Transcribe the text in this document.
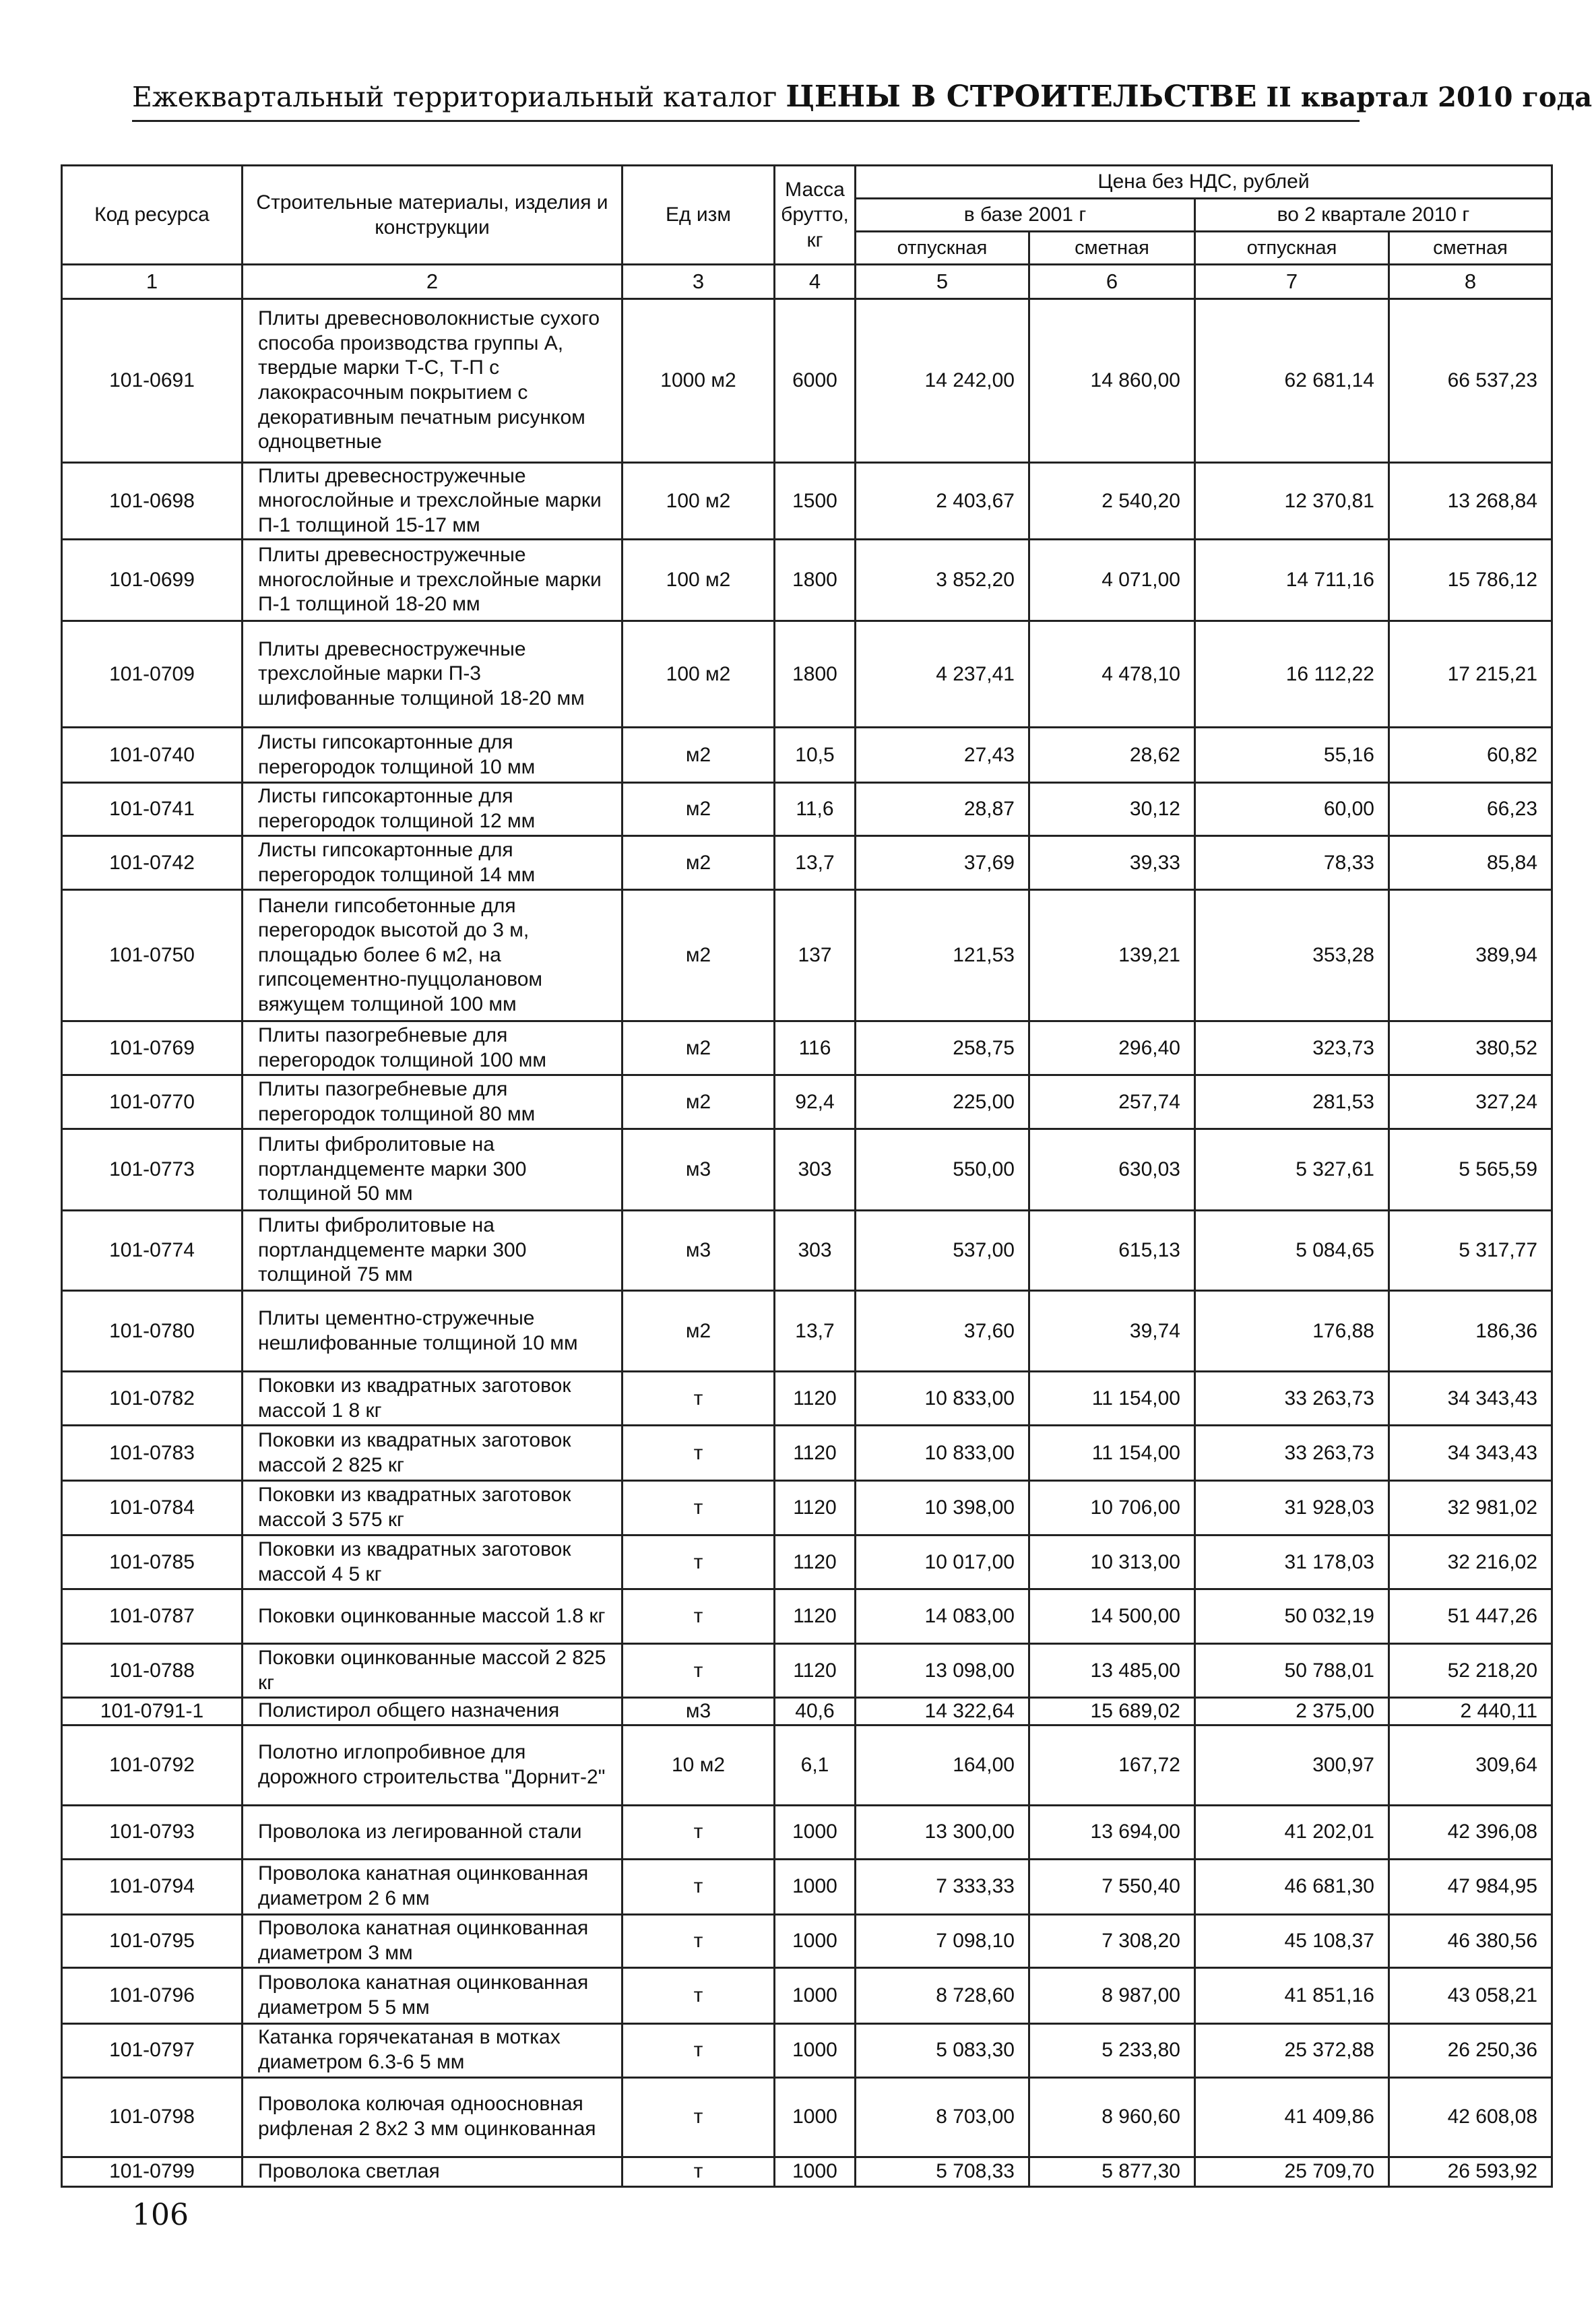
Ежеквартальный территориальный каталог ЦЕНЫ В СТРОИТЕЛЬСТВЕ II квартал 2010 года
Код ресурса	Строительные материалы, изделия и конструкции	Ед изм	Масса брутто, кг	Цена без НДС, рублей			
				в базе 2001 г		во 2 квартале 2010 г	
				отпускная	сметная	отпускная	сметная
1	2	3	4	5	6	7	8
101-0691	Плиты древесноволокнистые сухого способа производства группы А, твердые марки Т-С, Т-П с лакокрасочным покрытием с декоративным печатным рисунком одноцветные	1000 м2	6000	14 242,00	14 860,00	62 681,14	66 537,23
101-0698	Плиты древесностружечные многослойные и трехслойные марки П-1 толщиной 15-17 мм	100 м2	1500	2 403,67	2 540,20	12 370,81	13 268,84
101-0699	Плиты древесностружечные многослойные и трехслойные марки П-1 толщиной 18-20 мм	100 м2	1800	3 852,20	4 071,00	14 711,16	15 786,12
101-0709	Плиты древесностружечные трехслойные марки П-3 шлифованные толщиной 18-20 мм	100 м2	1800	4 237,41	4 478,10	16 112,22	17 215,21
101-0740	Листы гипсокартонные для перегородок толщиной 10 мм	м2	10,5	27,43	28,62	55,16	60,82
101-0741	Листы гипсокартонные для перегородок толщиной 12 мм	м2	11,6	28,87	30,12	60,00	66,23
101-0742	Листы гипсокартонные для перегородок толщиной 14 мм	м2	13,7	37,69	39,33	78,33	85,84
101-0750	Панели гипсобетонные для перегородок высотой до 3 м, площадью более 6 м2, на гипсоцементно-пуццолановом вяжущем толщиной 100 мм	м2	137	121,53	139,21	353,28	389,94
101-0769	Плиты пазогребневые для перегородок толщиной 100 мм	м2	116	258,75	296,40	323,73	380,52
101-0770	Плиты пазогребневые для перегородок толщиной 80 мм	м2	92,4	225,00	257,74	281,53	327,24
101-0773	Плиты фибролитовые на портландцементе марки 300 толщиной 50 мм	м3	303	550,00	630,03	5 327,61	5 565,59
101-0774	Плиты фибролитовые на портландцементе марки 300 толщиной 75 мм	м3	303	537,00	615,13	5 084,65	5 317,77
101-0780	Плиты цементно-стружечные нешлифованные толщиной 10 мм	м2	13,7	37,60	39,74	176,88	186,36
101-0782	Поковки из квадратных заготовок массой 1 8 кг	т	1120	10 833,00	11 154,00	33 263,73	34 343,43
101-0783	Поковки из квадратных заготовок массой 2 825 кг	т	1120	10 833,00	11 154,00	33 263,73	34 343,43
101-0784	Поковки из квадратных заготовок массой 3 575 кг	т	1120	10 398,00	10 706,00	31 928,03	32 981,02
101-0785	Поковки из квадратных заготовок массой 4 5 кг	т	1120	10 017,00	10 313,00	31 178,03	32 216,02
101-0787	Поковки оцинкованные массой 1.8 кг	т	1120	14 083,00	14 500,00	50 032,19	51 447,26
101-0788	Поковки оцинкованные массой 2 825 кг	т	1120	13 098,00	13 485,00	50 788,01	52 218,20
101-0791-1	Полистирол общего назначения	м3	40,6	14 322,64	15 689,02	2 375,00	2 440,11
101-0792	Полотно иглопробивное для дорожного строительства "Дорнит-2"	10 м2	6,1	164,00	167,72	300,97	309,64
101-0793	Проволока из легированной стали	т	1000	13 300,00	13 694,00	41 202,01	42 396,08
101-0794	Проволока канатная оцинкованная диаметром 2 6 мм	т	1000	7 333,33	7 550,40	46 681,30	47 984,95
101-0795	Проволока канатная оцинкованная диаметром 3 мм	т	1000	7 098,10	7 308,20	45 108,37	46 380,56
101-0796	Проволока канатная оцинкованная диаметром 5 5 мм	т	1000	8 728,60	8 987,00	41 851,16	43 058,21
101-0797	Катанка горячекатаная в мотках диаметром 6.3-6 5 мм	т	1000	5 083,30	5 233,80	25 372,88	26 250,36
101-0798	Проволока колючая одноосновная рифленая 2 8х2 3 мм оцинкованная	т	1000	8 703,00	8 960,60	41 409,86	42 608,08
101-0799	Проволока светлая	т	1000	5 708,33	5 877,30	25 709,70	26 593,92
106
